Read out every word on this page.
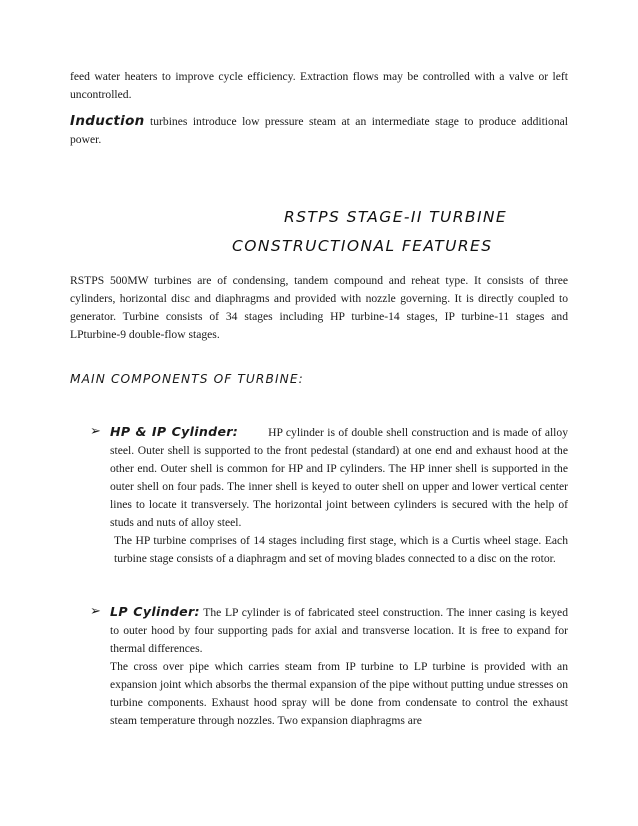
feed water heaters to improve cycle efficiency. Extraction flows may be controlled with a valve or left uncontrolled.

Induction turbines introduce low pressure steam at an intermediate stage to produce additional power.

RSTPS STAGE-II TURBINE

CONSTRUCTIONAL FEATURES

RSTPS 500MW turbines are of condensing, tandem compound and reheat type. It consists of three cylinders, horizontal disc and diaphragms and provided with nozzle governing. It is directly coupled to generator. Turbine consists of 34 stages including HP turbine-14 stages, IP turbine-11 stages and LPturbine-9 double-flow stages.

MAIN COMPONENTS OF TURBINE:

➢ HP & IP Cylinder:	HP cylinder is of double shell construction and is made of alloy steel. Outer shell is supported to the front pedestal (standard) at one end and exhaust hood at the other end. Outer shell is common for HP and IP cylinders. The HP inner shell is supported in the outer shell on four pads. The inner shell is keyed to outer shell on upper and lower vertical center lines to locate it transversely. The horizontal joint between cylinders is secured with the help of studs and nuts of alloy steel.
The HP turbine comprises of 14 stages including first stage, which is a Curtis wheel stage. Each turbine stage consists of a diaphragm and set of moving blades connected to a disc on the rotor.
➢ LP Cylinder: The LP cylinder is of fabricated steel construction. The inner casing is keyed to outer hood by four supporting pads for axial and transverse location. It is free to expand for thermal differences.
The cross over pipe which carries steam from IP turbine to LP turbine is provided with an expansion joint which absorbs the thermal expansion of the pipe without putting undue stresses on turbine components. Exhaust hood spray will be done from condensate to control the exhaust steam temperature through nozzles. Two expansion diaphragms are
